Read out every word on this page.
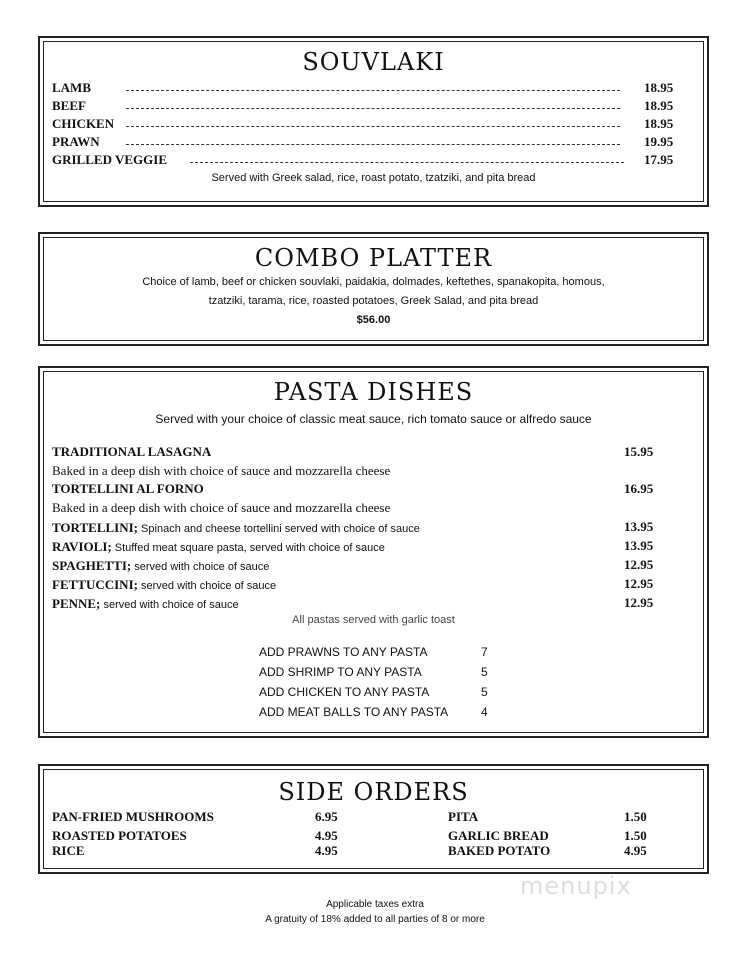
SOUVLAKI
LAMB	18.95
BEEF	18.95
CHICKEN	18.95
PRAWN	19.95
GRILLED VEGGIE	17.95
Served with Greek salad, rice, roast potato, tzatziki, and pita bread
COMBO PLATTER
Choice of lamb, beef or chicken souvlaki, paidakia, dolmades, keftethes, spanakopita, homous,
tzatziki, tarama, rice, roasted potatoes, Greek Salad, and pita bread
$56.00
PASTA DISHES
Served with your choice of classic meat sauce, rich tomato sauce or alfredo sauce
TRADITIONAL LASAGNA	15.95
Baked in a deep dish with choice of sauce and mozzarella cheese
TORTELLINI AL FORNO	16.95
Baked in a deep dish with choice of sauce and mozzarella cheese
TORTELLINI; Spinach and cheese tortellini served with choice of sauce	13.95
RAVIOLI; Stuffed meat square pasta, served with choice of sauce	13.95
SPAGHETTI; served with choice of sauce	12.95
FETTUCCINI; served with choice of sauce	12.95
PENNE; served with choice of sauce	12.95
All pastas served with garlic toast
ADD PRAWNS TO ANY PASTA	7
ADD SHRIMP TO ANY PASTA	5
ADD CHICKEN TO ANY PASTA	5
ADD MEAT BALLS TO ANY PASTA	4
SIDE ORDERS
PAN-FRIED MUSHROOMS	6.95
ROASTED POTATOES	4.95
RICE	4.95
PITA	1.50
GARLIC BREAD	1.50
BAKED POTATO	4.95
menupix
Applicable taxes extra
A gratuity of 18% added to all parties of 8 or more
